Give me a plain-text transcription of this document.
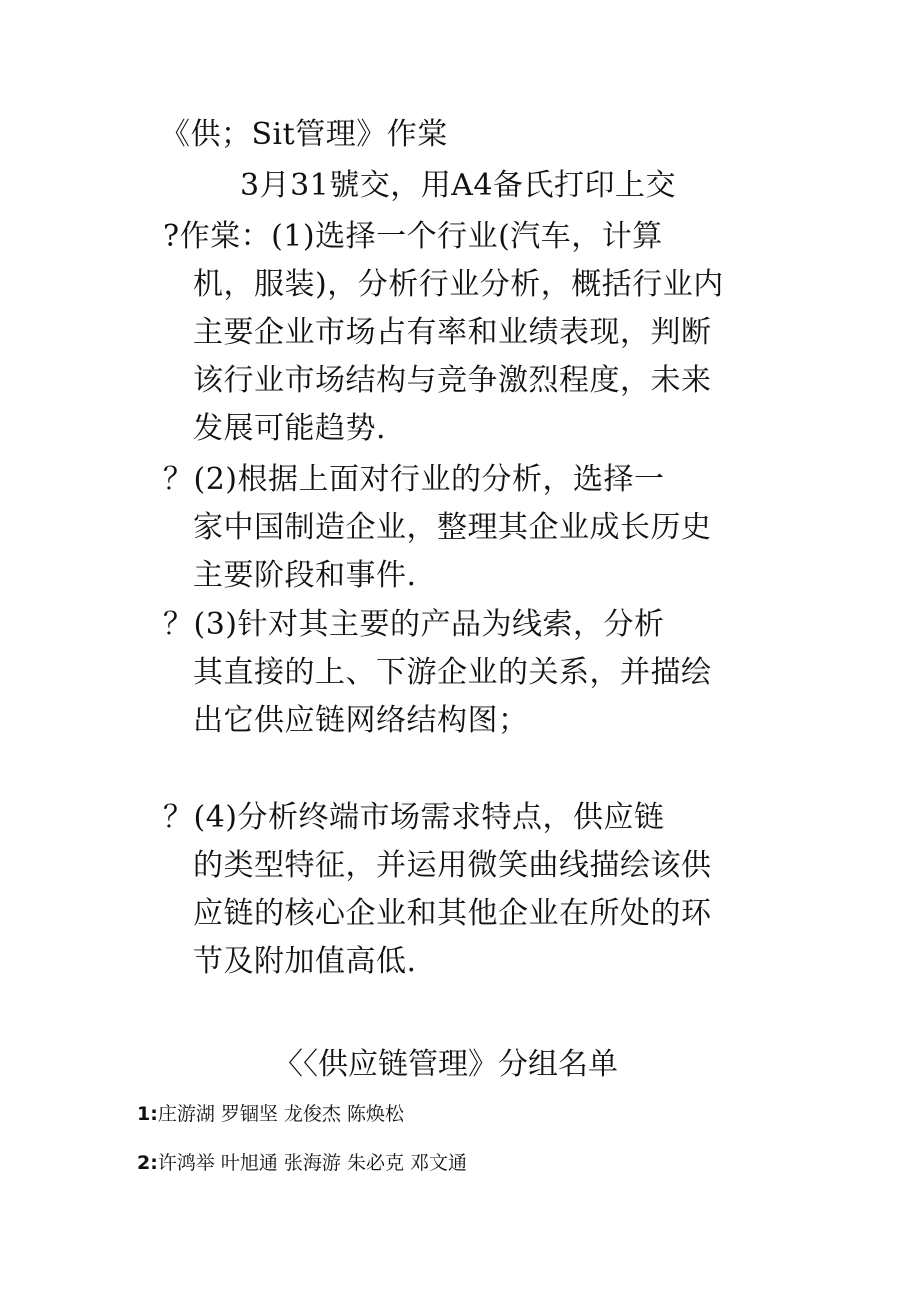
《供；Sit管理》作棠
3月31號交，用A4备氏打印上交
?作棠：(1)选择一个行业(汽车，计算
机，服装)，分析行业分析，概括行业内
主要企业市场占有率和业绩表现，判断
该行业市场结构与竞争激烈程度，未来
发展可能趋势.
？(2)根据上面对行业的分析，选择一
家中国制造企业，整理其企业成长历史
主要阶段和事件.
？(3)针对其主要的产品为线索，分析
其直接的上、下游企业的关系，并描绘
出它供应链网络结构图；
？(4)分析终端市场需求特点，供应链
的类型特征，并运用微笑曲线描绘该供
应链的核心企业和其他企业在所处的环
节及附加值高低.
〈〈供应链管理》分组名单
1:庄游湖 罗锢坚 龙俊杰 陈焕松
2:许鸿举 叶旭通 张海游 朱必克 邓文通
